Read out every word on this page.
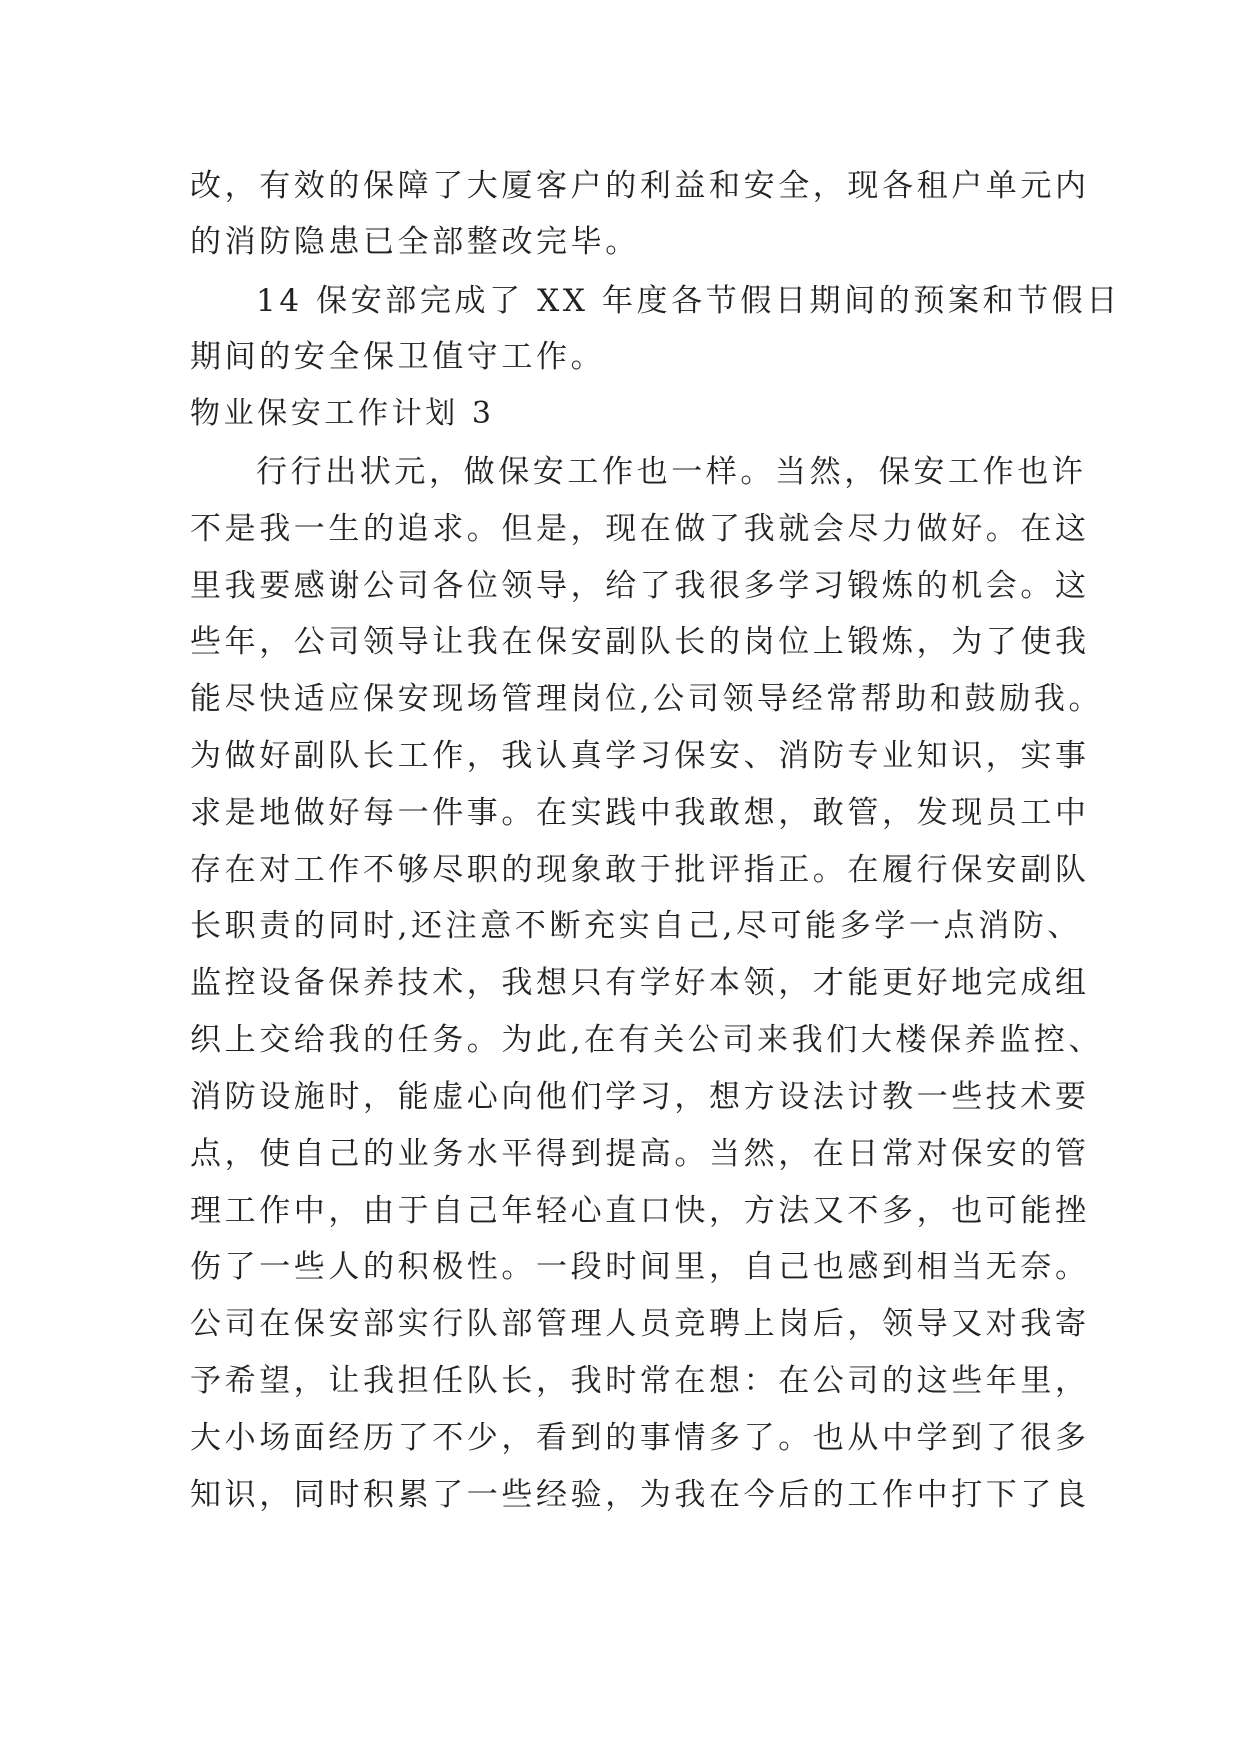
改，有效的保障了大厦客户的利益和安全，现各租户单元内
的消防隐患已全部整改完毕。
14 保安部完成了 XX 年度各节假日期间的预案和节假日
期间的安全保卫值守工作。
物业保安工作计划 3
行行出状元，做保安工作也一样。当然，保安工作也许
不是我一生的追求。但是，现在做了我就会尽力做好。在这
里我要感谢公司各位领导，给了我很多学习锻炼的机会。这
些年，公司领导让我在保安副队长的岗位上锻炼，为了使我
能尽快适应保安现场管理岗位,公司领导经常帮助和鼓励我。
为做好副队长工作，我认真学习保安、消防专业知识，实事
求是地做好每一件事。在实践中我敢想，敢管，发现员工中
存在对工作不够尽职的现象敢于批评指正。在履行保安副队
长职责的同时,还注意不断充实自己,尽可能多学一点消防、
监控设备保养技术，我想只有学好本领，才能更好地完成组
织上交给我的任务。为此,在有关公司来我们大楼保养监控、
消防设施时，能虚心向他们学习，想方设法讨教一些技术要
点，使自己的业务水平得到提高。当然，在日常对保安的管
理工作中，由于自己年轻心直口快，方法又不多，也可能挫
伤了一些人的积极性。一段时间里，自己也感到相当无奈。
公司在保安部实行队部管理人员竞聘上岗后，领导又对我寄
予希望，让我担任队长，我时常在想：在公司的这些年里，
大小场面经历了不少，看到的事情多了。也从中学到了很多
知识，同时积累了一些经验，为我在今后的工作中打下了良
